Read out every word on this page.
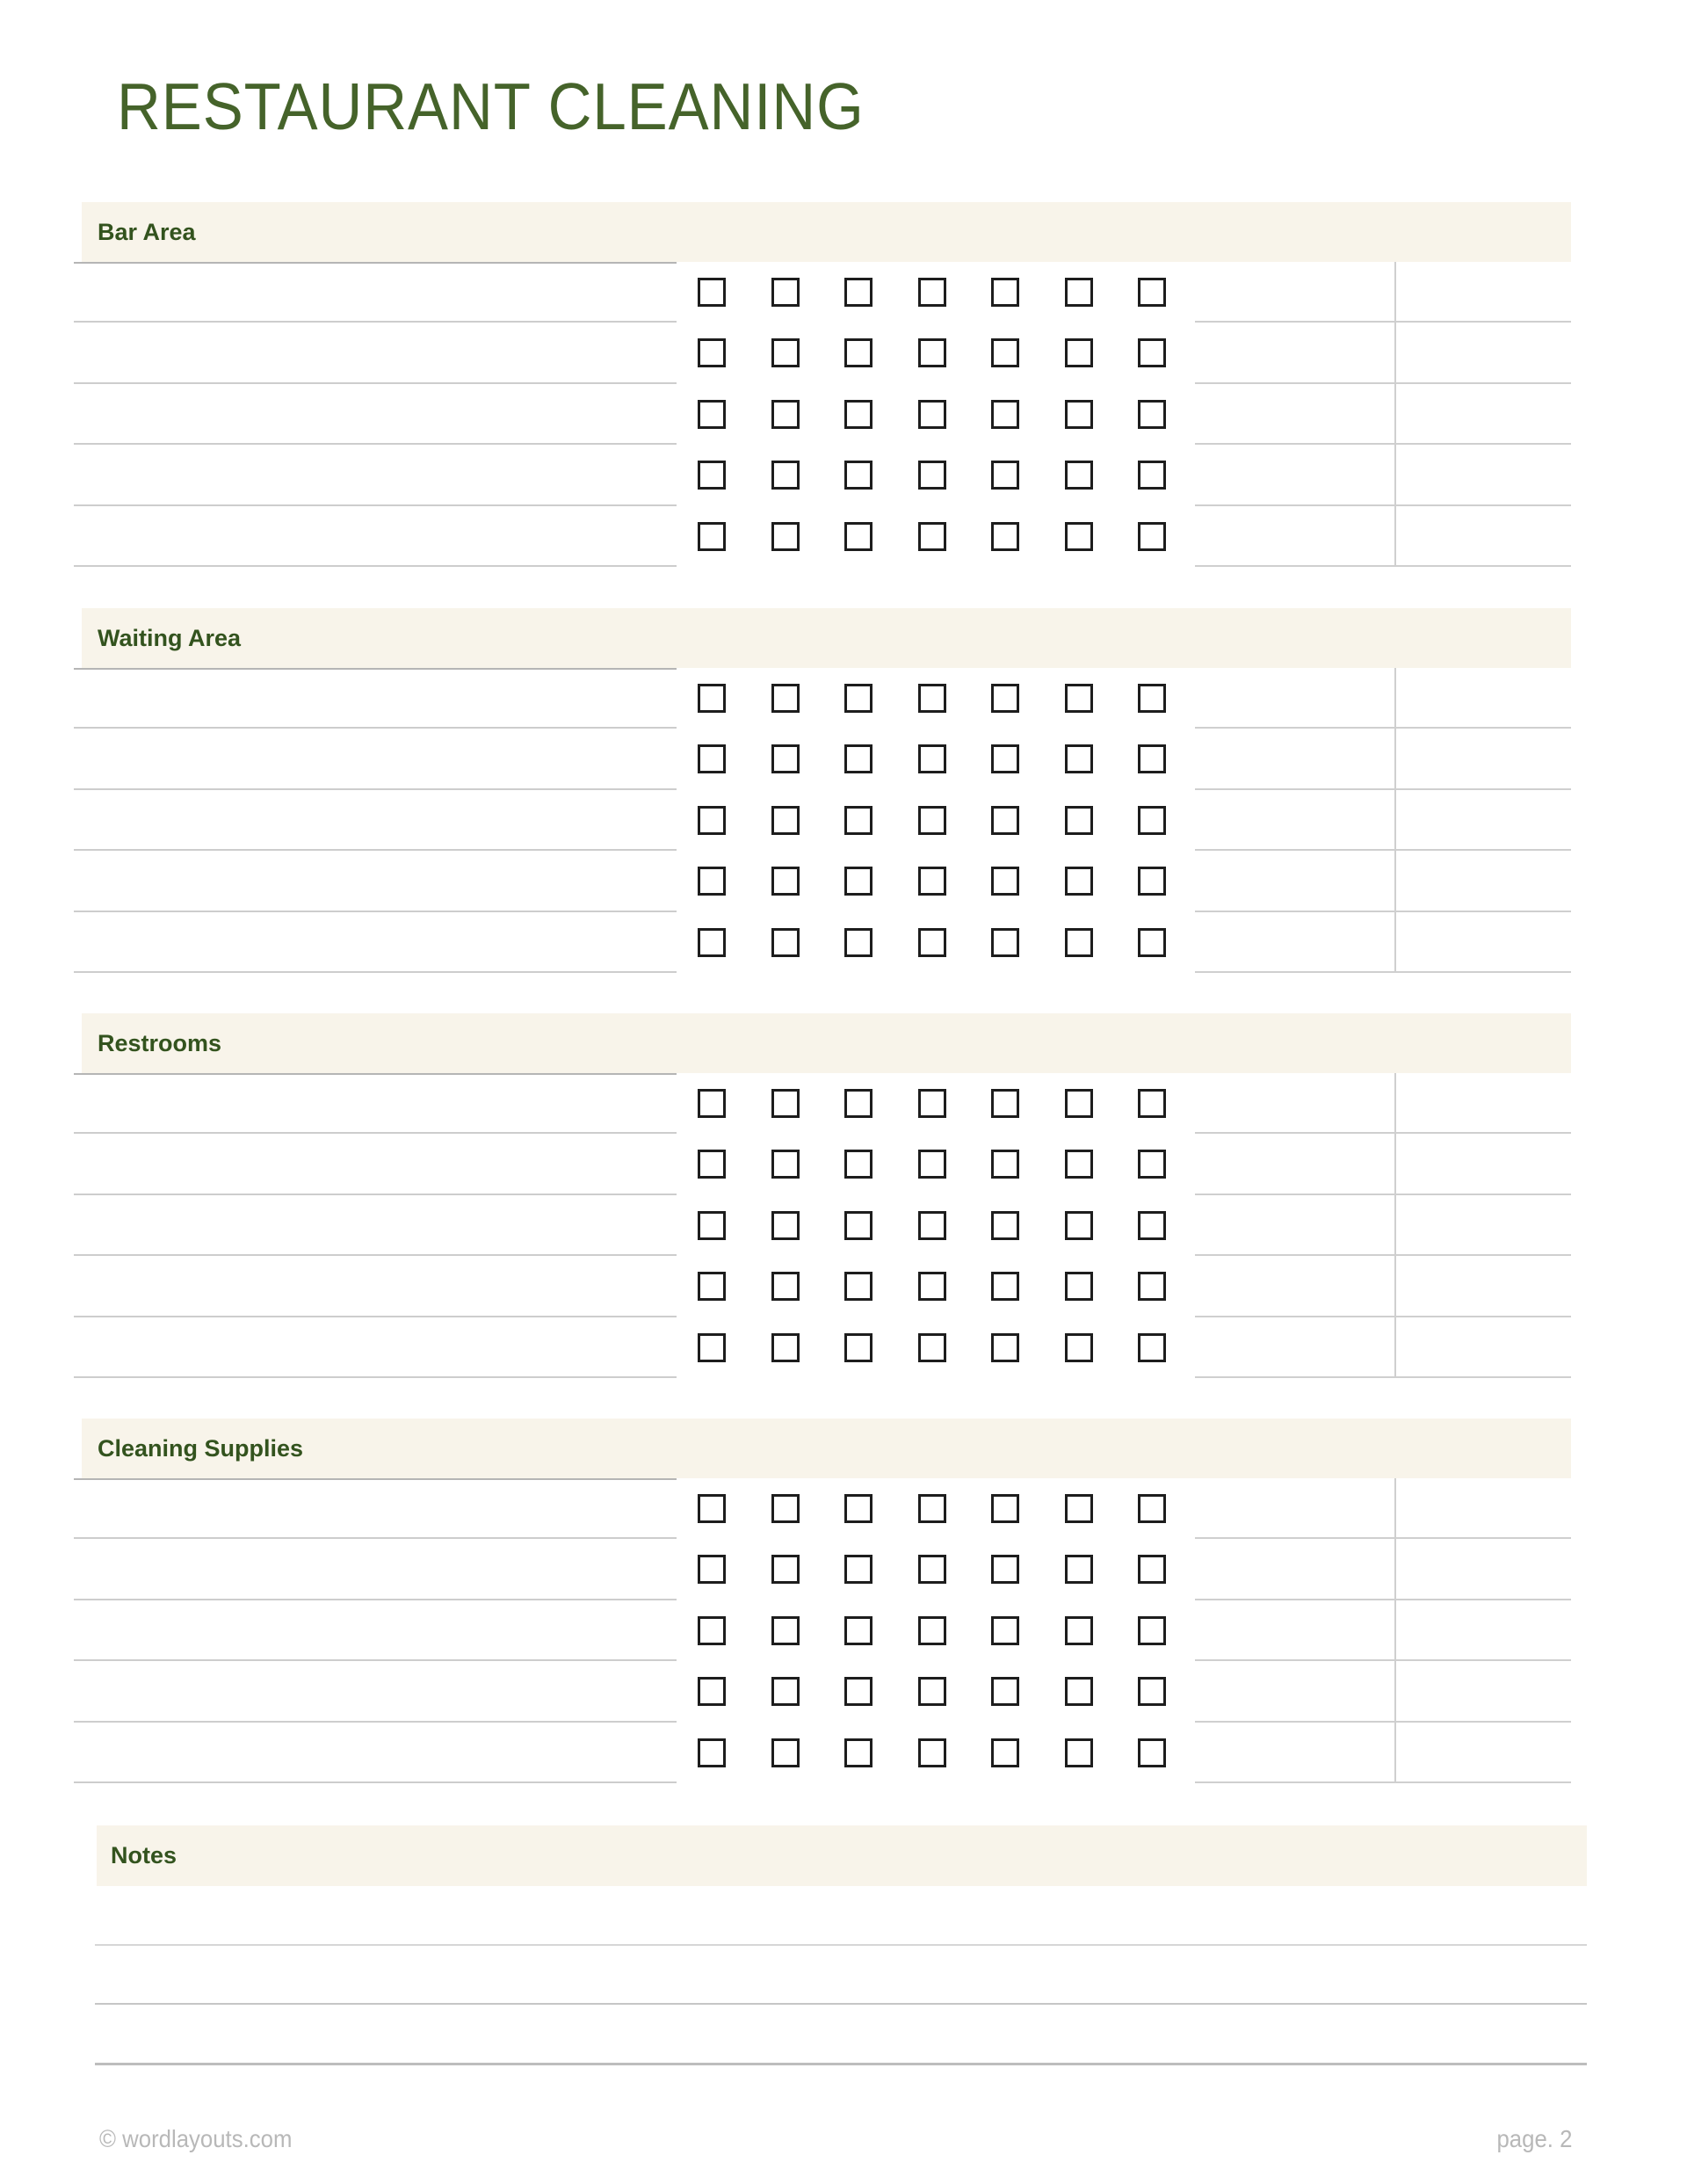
RESTAURANT CLEANING
Bar Area
Waiting Area
Restrooms
Cleaning Supplies
Notes
© wordlayouts.com	page. 2
